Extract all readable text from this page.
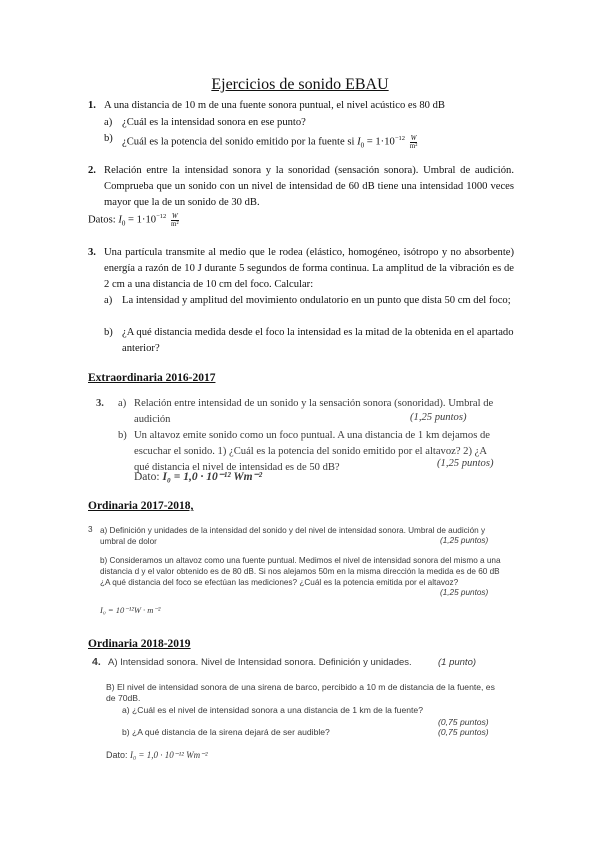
Ejercicios de sonido EBAU
1. A una distancia de 10 m de una fuente sonora puntual, el nivel acústico es 80 dB
a) ¿Cuál es la intensidad sonora en ese punto?
b) ¿Cuál es la potencia del sonido emitido por la fuente si $I_0 = 1\cdot 10^{-12} \frac{W}{\text{m²}}$
2. Relación entre la intensidad sonora y la sonoridad (sensación sonora). Umbral de audición. Comprueba que un sonido con un nivel de intensidad de 60 dB tiene una intensidad 1000 veces mayor que la de un sonido de 30 dB.
Datos: $I_0 = 1\cdot 10^{-12} \frac{W}{\text{m²}}$
3. Una partícula transmite al medio que le rodea (elástico, homogéneo, isótropo y no absorbente) energía a razón de 10 J durante 5 segundos de forma continua. La amplitud de la vibración es de 2 cm a una distancia de 10 cm del foco. Calcular:
a) La intensidad y amplitud del movimiento ondulatorio en un punto que dista 50 cm del foco;
b) ¿A qué distancia medida desde el foco la intensidad es la mitad de la obtenida en el apartado anterior?
Extraordinaria 2016-2017
3. a) Relación entre intensidad de un sonido y la sensación sonora (sonoridad). Umbral de audición	(1,25 puntos)
b) Un altavoz emite sonido como un foco puntual. A una distancia de 1 km dejamos de escuchar el sonido. 1) ¿Cuál es la potencia del sonido emitido por el altavoz? 2) ¿A qué distancia el nivel de intensidad es de 50 dB?	(1,25 puntos)
Dato: I₀ = 1,0 · 10⁻¹² Wm⁻²
Ordinaria 2017-2018,
3 a) Definición y unidades de la intensidad del sonido y del nivel de intensidad sonora. Umbral de audición y umbral de dolor	(1,25 puntos)
b) Consideramos un altavoz como una fuente puntual. Medimos el nivel de intensidad sonora del mismo a una distancia d y el valor obtenido es de 80 dB. Si nos alejamos 50m en la misma dirección la medida es de 60 dB ¿A qué distancia del foco se efectúan las mediciones? ¿Cuál es la potencia emitida por el altavoz?
(1,25 puntos)
I₀ = 10⁻¹²W · m⁻²
Ordinaria 2018-2019
4. A) Intensidad sonora. Nivel de Intensidad sonora. Definición y unidades.	(1 punto)
B) El nivel de intensidad sonora de una sirena de barco, percibido a 10 m de distancia de la fuente, es de 70dB.
a) ¿Cuál es el nivel de intensidad sonora a una distancia de 1 km de la fuente?
(0,75 puntos)
b) ¿A qué distancia de la sirena dejará de ser audible?	(0,75 puntos)
Dato: I₀ = 1,0 · 10⁻¹² Wm⁻²
